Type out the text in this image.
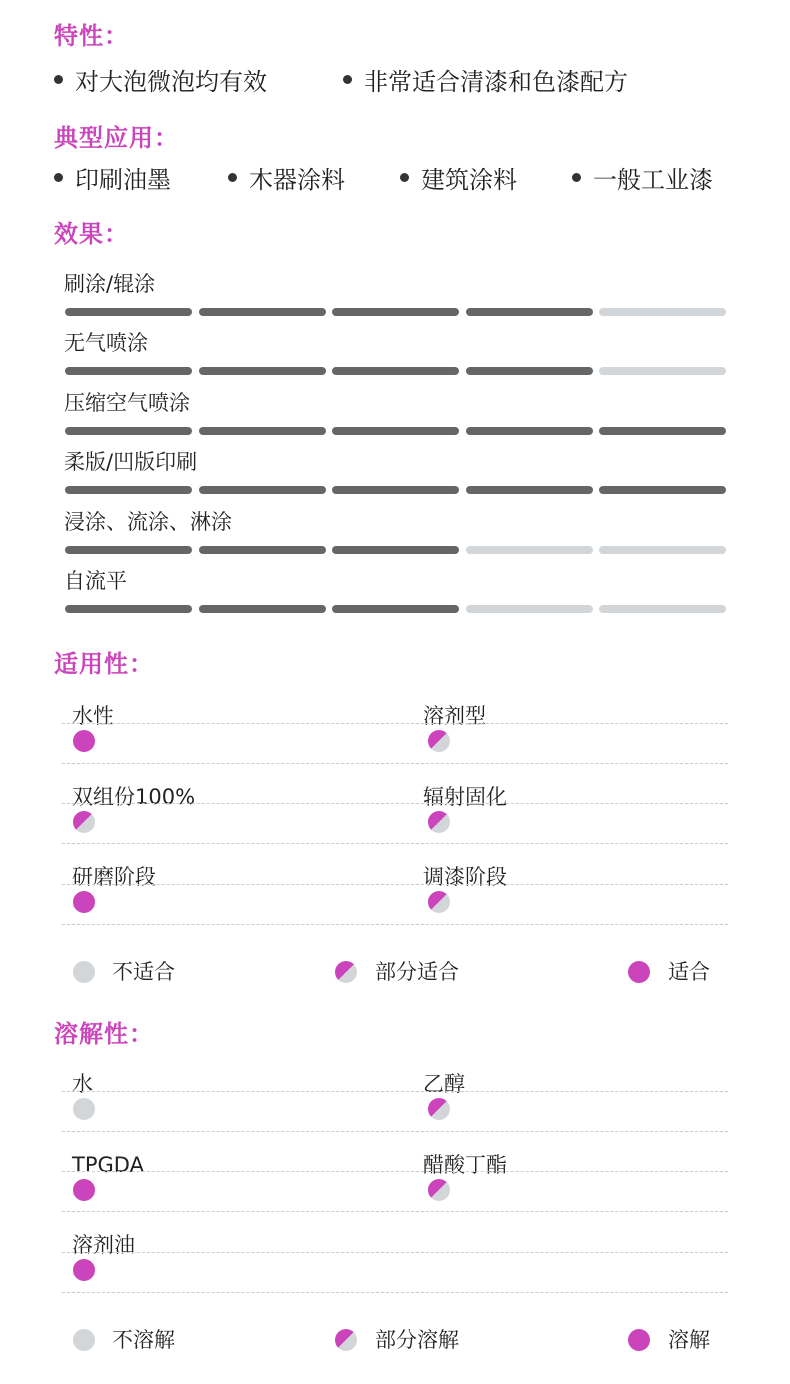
特性：
对大泡微泡均有效	非常适合清漆和色漆配方
典型应用：
印刷油墨	木器涂料	建筑涂料	一般工业漆
效果：
刷涂/辊涂
无气喷涂
压缩空气喷涂
柔版/凹版印刷
浸涂、流涂、淋涂
自流平
适用性：
水性	溶剂型
双组份100%	辐射固化
研磨阶段	调漆阶段
不适合	部分适合	适合
溶解性：
水	乙醇
TPGDA	醋酸丁酯
溶剂油
不溶解	部分溶解	溶解
